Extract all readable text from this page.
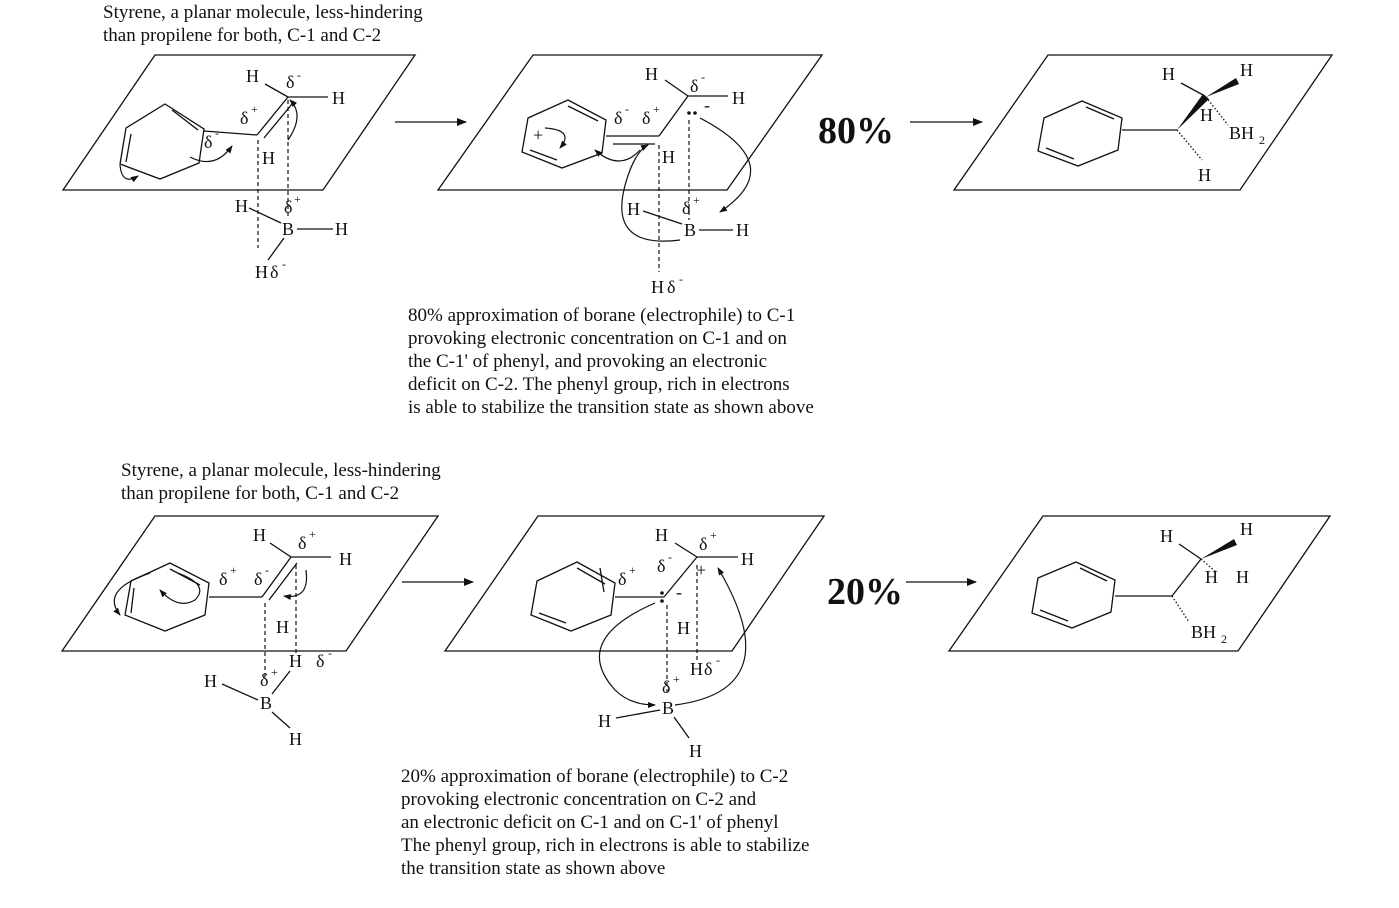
Styrene, a planar molecule, less-hindering
than propilene for both, C-1 and C-2
H δ -
H
δ +
δ -
H
H δ +
B H
H δ -
+
H
δ -
H
δ - δ + -
H
H δ +
B H
H δ -
80%
H	H
H
BH 2
H
80% approximation of borane (electrophile) to C-1
provoking electronic concentration on C-1 and on
the C-1' of phenyl, and provoking an electronic
deficit on C-2. The phenyl group, rich in electrons
is able to stabilize the transition state as shown above
Styrene, a planar molecule, less-hindering
than propilene for both, C-1 and C-2
H δ +
H
δ + δ -
H
H δ -
δ +
B
H
H
H δ +
H
δ -
+
δ +
-
H
H δ -
δ +
B
H
H
20%
H	H
H H
BH 2
20% approximation of borane (electrophile) to C-2
provoking electronic concentration on C-2 and
an electronic deficit on C-1 and on C-1' of phenyl
The phenyl group, rich in electrons is able to stabilize
the transition state as shown above
